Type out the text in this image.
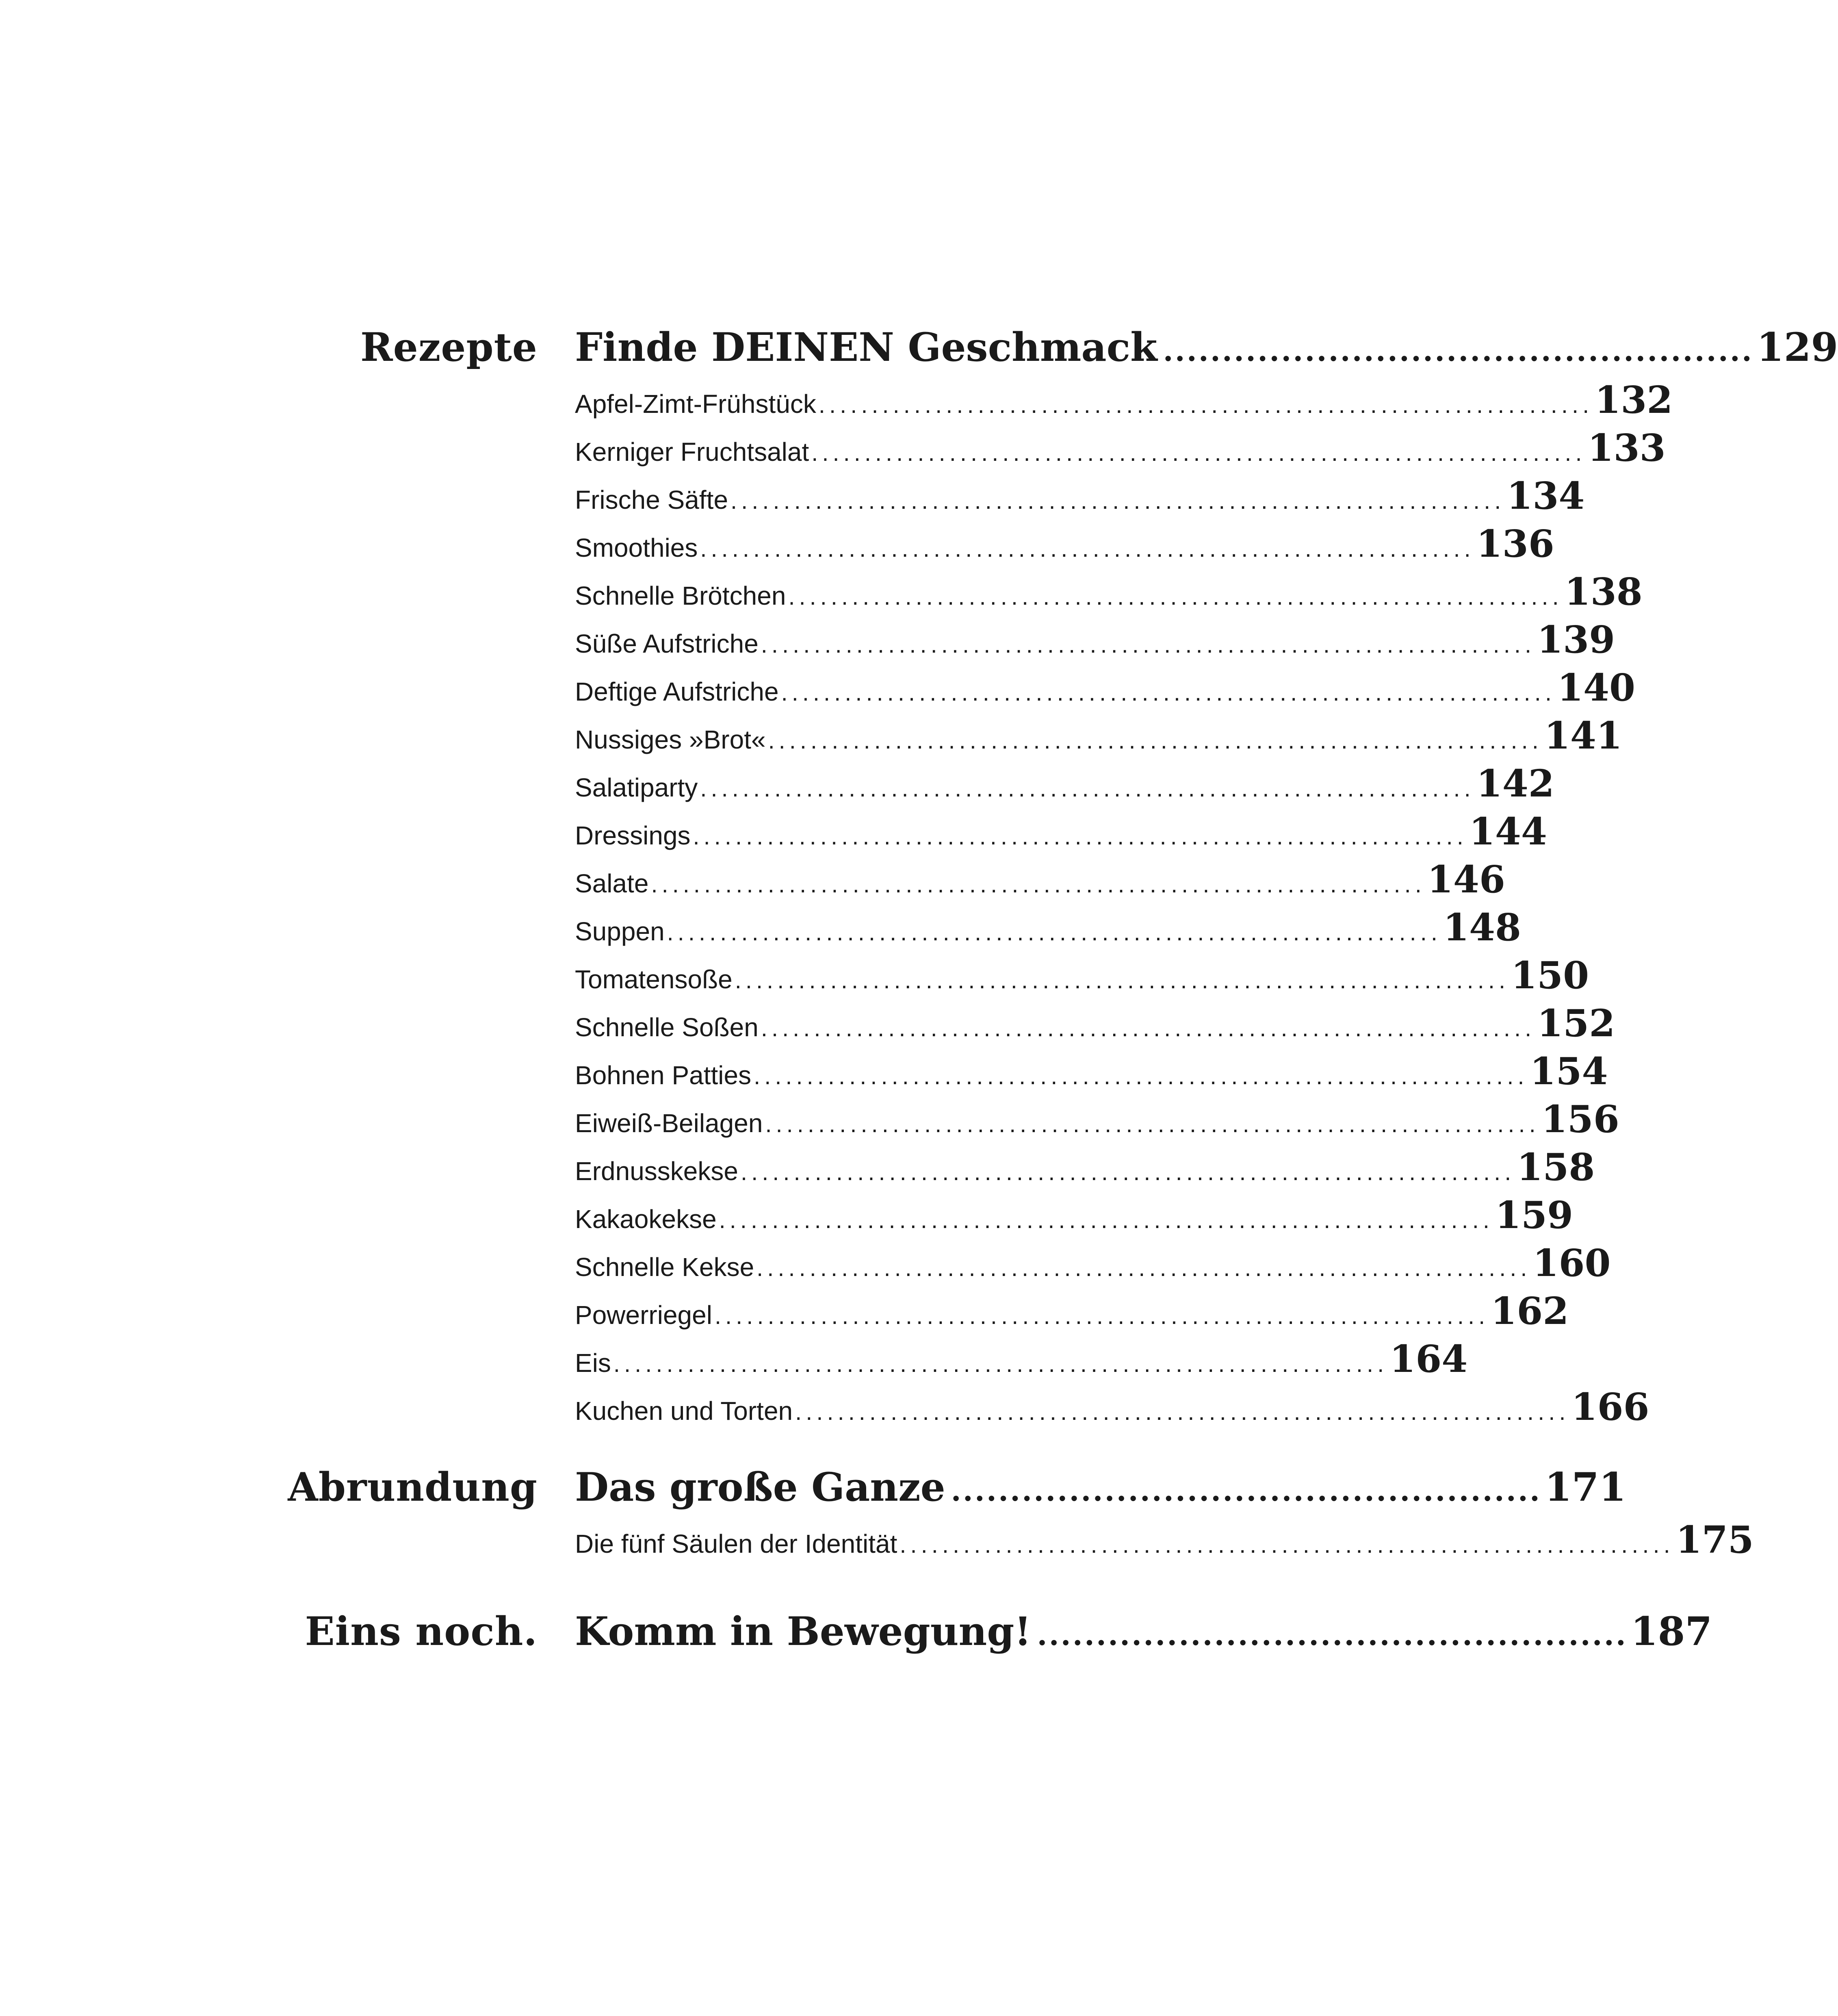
Rezepte Finde DEINEN Geschmack .................................................. 129
Apfel-Zimt-Frühstück ......................................................................... 132
Kerniger Fruchtsalat ......................................................................... 133
Frische Säfte ......................................................................... 134
Smoothies ......................................................................... 136
Schnelle Brötchen ......................................................................... 138
Süße Aufstriche ......................................................................... 139
Deftige Aufstriche ......................................................................... 140
Nussiges »Brot« ......................................................................... 141
Salatiparty ......................................................................... 142
Dressings ......................................................................... 144
Salate ......................................................................... 146
Suppen ......................................................................... 148
Tomatensoße ......................................................................... 150
Schnelle Soßen ......................................................................... 152
Bohnen Patties ......................................................................... 154
Eiweiß-Beilagen ......................................................................... 156
Erdnusskekse ......................................................................... 158
Kakaokekse ......................................................................... 159
Schnelle Kekse ......................................................................... 160
Powerriegel ......................................................................... 162
Eis ......................................................................... 164
Kuchen und Torten ......................................................................... 166
Abrundung Das große Ganze .................................................. 171
Die fünf Säulen der Identität ......................................................................... 175
Eins noch. Komm in Bewegung! .................................................. 187
